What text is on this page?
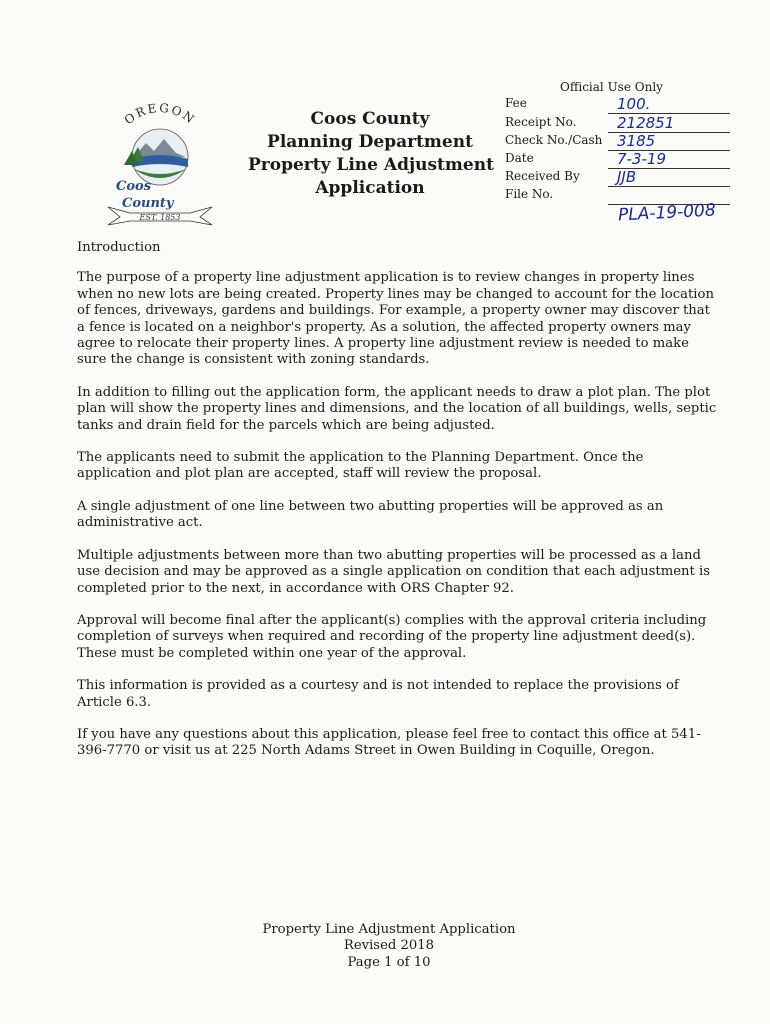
OREGON
Coos
County
EST. 1853
Coos County
Planning Department
Property Line Adjustment
Application
Official Use Only
Fee	100.
Receipt No.	212851
Check No./Cash 3185
Date	7-3-19
Received By JJB
File No.
PLA-19-008

Introduction

The purpose of a property line adjustment application is to review changes in property lines when no new lots are being created. Property lines may be changed to account for the location of fences, driveways, gardens and buildings. For example, a property owner may discover that a fence is located on a neighbor's property. As a solution, the affected property owners may agree to relocate their property lines. A property line adjustment review is needed to make sure the change is consistent with zoning standards.

In addition to filling out the application form, the applicant needs to draw a plot plan. The plot plan will show the property lines and dimensions, and the location of all buildings, wells, septic tanks and drain field for the parcels which are being adjusted.

The applicants need to submit the application to the Planning Department. Once the application and plot plan are accepted, staff will review the proposal.

A single adjustment of one line between two abutting properties will be approved as an administrative act.

Multiple adjustments between more than two abutting properties will be processed as a land use decision and may be approved as a single application on condition that each adjustment is completed prior to the next, in accordance with ORS Chapter 92.

Approval will become final after the applicant(s) complies with the approval criteria including completion of surveys when required and recording of the property line adjustment deed(s). These must be completed within one year of the approval.

This information is provided as a courtesy and is not intended to replace the provisions of Article 6.3.

If you have any questions about this application, please feel free to contact this office at 541-396-7770 or visit us at 225 North Adams Street in Owen Building in Coquille, Oregon.

Property Line Adjustment Application
Revised 2018
Page 1 of 10
